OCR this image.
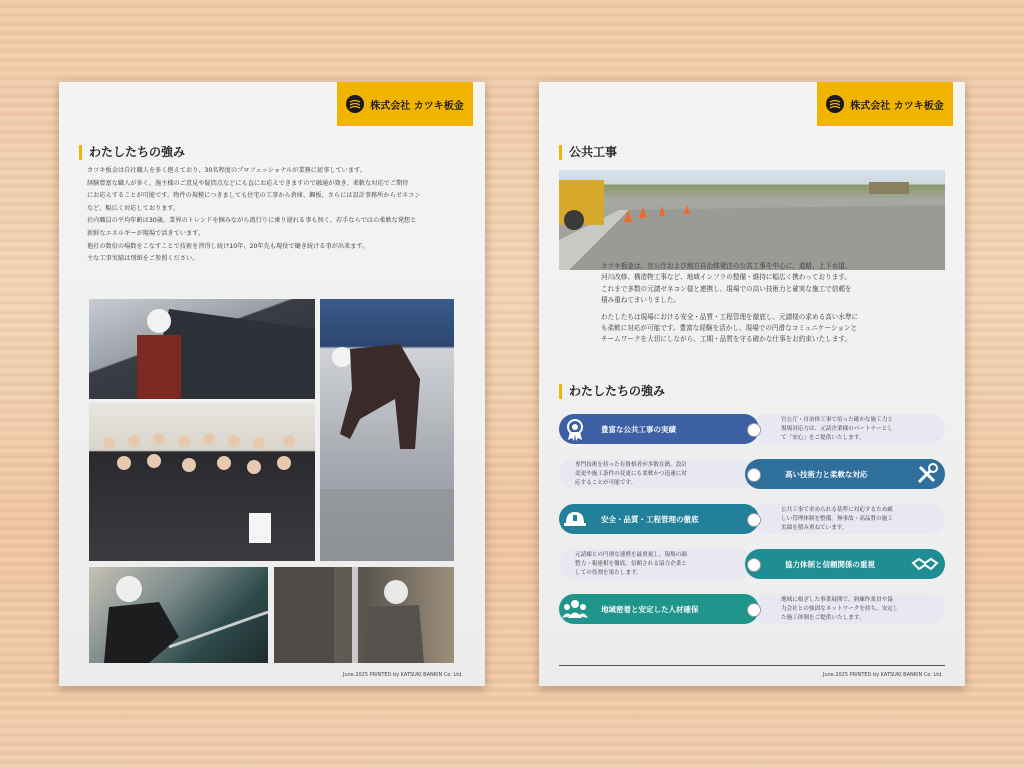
株式会社 カツキ板金
わたしたちの強み

カツキ板金は自社職人を多く抱えており、30名程度のプロフェッショナルが業務に従事しています。

経験豊富な職人が多く、施主様のご意見や疑問点などにも直にお応えできますので融通が効き、柔軟な対応でご期待

にお応えすることが可能です。物件の規模につきましても住宅の工事から倉庫、鋼板、さらには設計事務所からゼネコン

など、幅広く対応しております。

社内職員の平均年齢は30歳。業界のトレンドを掴みながら流行りに乗り遅れる事も無く、若手ならではの柔軟な発想と

新鮮なエネルギーが現場で活きています。

他社の数倍の場数をこなすことで技術を習得し続け10年、20年先も現役で働き続ける事が出来ます。

主な工事実績は別紙をご参照ください。

June.2025 PRINTED by KATSUKI BANKIN Co. Ltd.
株式会社 カツキ板金
公共工事

カツキ板金は、官公庁および地方自治体発注の公共工事を中心に、道路、上下水道、

河川改修、構造物工事など、地域インフラの整備・維持に幅広く携わっております。

これまで多数の元請ゼネコン様と連携し、現場での高い技術力と確実な施工で信頼を

積み重ねてまいりました。

わたしたちは現場における安全・品質・工程管理を徹底し、元請様の求める高い水準に

も柔軟に対応が可能です。豊富な経験を活かし、現場での円滑なコミュニケーションと

チームワークを大切にしながら、工期・品質を守る確かな仕事をお約束いたします。

わたしたちの強み
官公庁・自治体工事で培った確かな施工力と
現場対応力は、元請企業様のパートナーとし
て「安心」をご提供いたします。
豊富な公共工事の実績
専門技術を持った有資格者が多数在籍。設計
変更や施工条件の変更にも柔軟かつ迅速に対
応することが可能です。
高い技術力と柔軟な対応
公共工事で求められる基準に対応するため厳
しい管理体制を整備。無事故・高品質の施工
実績を積み重ねています。
安全・品質・工程管理の徹底
元請様との円滑な連携を最重視し、現場の調
整力・報連相を徹底。信頼される協力企業と
しての役割を果たします。
協力体制と信頼関係の重視
地域に根ざした事業展開で、熟練作業員や協
力会社との強固なネットワークを持ち、安定し
た施工体制をご提供いたします。
地域密着と安定した人材確保
June.2025 PRINTED by KATSUKI BANKIN Co. Ltd.
